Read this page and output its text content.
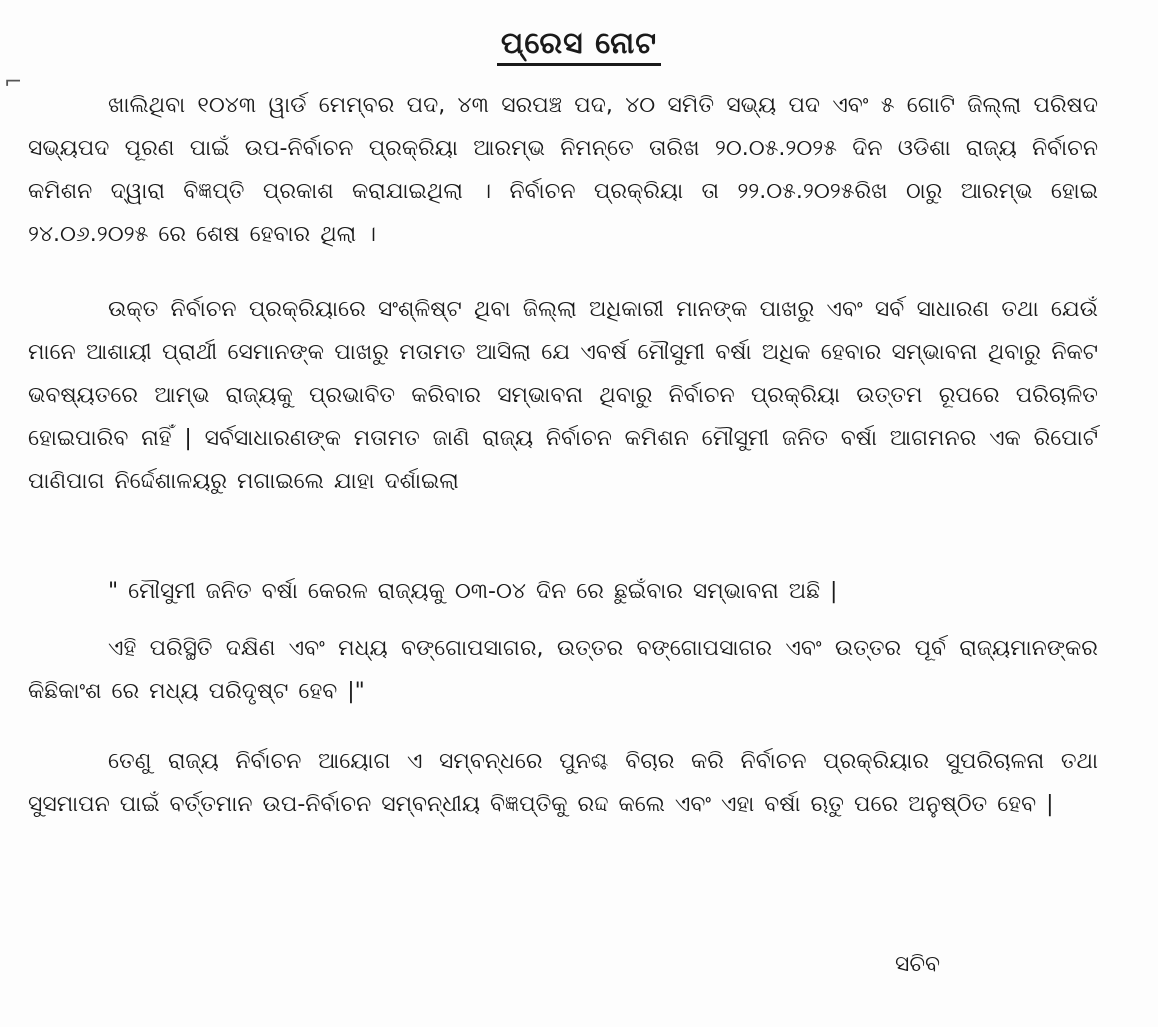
⌐
ପ୍ରେସ ନୋଟ
ଖାଲିଥିବା ୧୦୪୩ ୱାର୍ଡ ମେମ୍ବର ପଦ, ୪୩ ସରପଞ୍ଚ ପଦ, ୪୦ ସମିତି ସଭ୍ୟ ପଦ ଏବଂ ୫ ଗୋଟି ଜିଲ୍ଲା ପରିଷଦ ସଭ୍ୟପଦ ପୂରଣ ପାଇଁ ଉପ-ନିର୍ବାଚନ ପ୍ରକ୍ରିୟା ଆରମ୍ଭ ନିମନ୍ତେ ତାରିଖ ୨୦.୦୫.୨୦୨୫ ଦିନ ଓଡିଶା ରାଜ୍ୟ ନିର୍ବାଚନ କମିଶନ ଦ୍ୱାରା ବିଜ୍ଞପ୍ତି ପ୍ରକାଶ କରାଯାଇଥିଲା । ନିର୍ବାଚନ ପ୍ରକ୍ରିୟା ତା ୨୨.୦୫.୨୦୨୫ରିଖ ଠାରୁ ଆରମ୍ଭ ହୋଇ ୨୪.୦୬.୨୦୨୫ ରେ ଶେଷ ହେବାର ଥିଲା ।
ଉକ୍ତ ନିର୍ବାଚନ ପ୍ରକ୍ରିୟାରେ ସଂଶ୍ଳିଷ୍ଟ ଥିବା ଜିଲ୍ଲା ଅଧିକାରୀ ମାନଙ୍କ ପାଖରୁ ଏବଂ ସର୍ବ ସାଧାରଣ ତଥା ଯେଉଁ ମାନେ ଆଶାୟୀ ପ୍ରାର୍ଥୀ ସେମାନଙ୍କ ପାଖରୁ ମତାମତ ଆସିଲା ଯେ ଏବର୍ଷ ମୌସୁମୀ ବର୍ଷା ଅଧିକ ହେବାର ସମ୍ଭାବନା ଥିବାରୁ ନିକଟ ଭବଷ୍ୟତରେ ଆମ୍ଭ ରାଜ୍ୟକୁ ପ୍ରଭାବିତ କରିବାର ସମ୍ଭାବନା ଥିବାରୁ ନିର୍ବାଚନ ପ୍ରକ୍ରିୟା ଉତ୍ତମ ରୂପରେ ପରିଚାଳିତ ହୋଇପାରିବ ନାହିଁ | ସର୍ବସାଧାରଣଙ୍କ ମତାମତ ଜାଣି ରାଜ୍ୟ ନିର୍ବାଚନ କମିଶନ ମୌସୁମୀ ଜନିତ ବର୍ଷା ଆଗମନର ଏକ ରିପୋର୍ଟ ପାଣିପାଗ ନିର୍ଦ୍ଦେଶାଳୟରୁ ମଗାଇଲେ ଯାହା ଦର୍ଶାଇଲା
" ମୌସୁମୀ ଜନିତ ବର୍ଷା କେରଳ ରାଜ୍ୟକୁ ୦୩-୦୪ ଦିନ ରେ ଛୁଇଁବାର ସମ୍ଭାବନା ଅଛି |
ଏହି ପରିସ୍ଥିତି ଦକ୍ଷିଣ ଏବଂ ମଧ୍ୟ ବଙ୍ଗୋପସାଗର, ଉତ୍ତର ବଙ୍ଗୋପସାଗର ଏବଂ ଉତ୍ତର ପୂର୍ବ ରାଜ୍ୟମାନଙ୍କର କିଛିକାଂଶ ରେ ମଧ୍ୟ ପରିଦୃଷ୍ଟ ହେବ |"
ତେଣୁ ରାଜ୍ୟ ନିର୍ବାଚନ ଆୟୋଗ ଏ ସମ୍ବନ୍ଧରେ ପୁନଶ୍ଚ ବିଚାର କରି ନିର୍ବାଚନ ପ୍ରକ୍ରିୟାର ସୁପରିଚାଳନା ତଥା ସୁସମାପନ ପାଇଁ ବର୍ତ୍ତମାନ ଉପ-ନିର୍ବାଚନ ସମ୍ବନ୍ଧୀୟ ବିଜ୍ଞପ୍ତିକୁ ରଦ୍ଦ କଲେ ଏବଂ ଏହା ବର୍ଷା ଋତୁ ପରେ ଅନୁଷ୍ଠିତ ହେବ |
ସଚିବ
